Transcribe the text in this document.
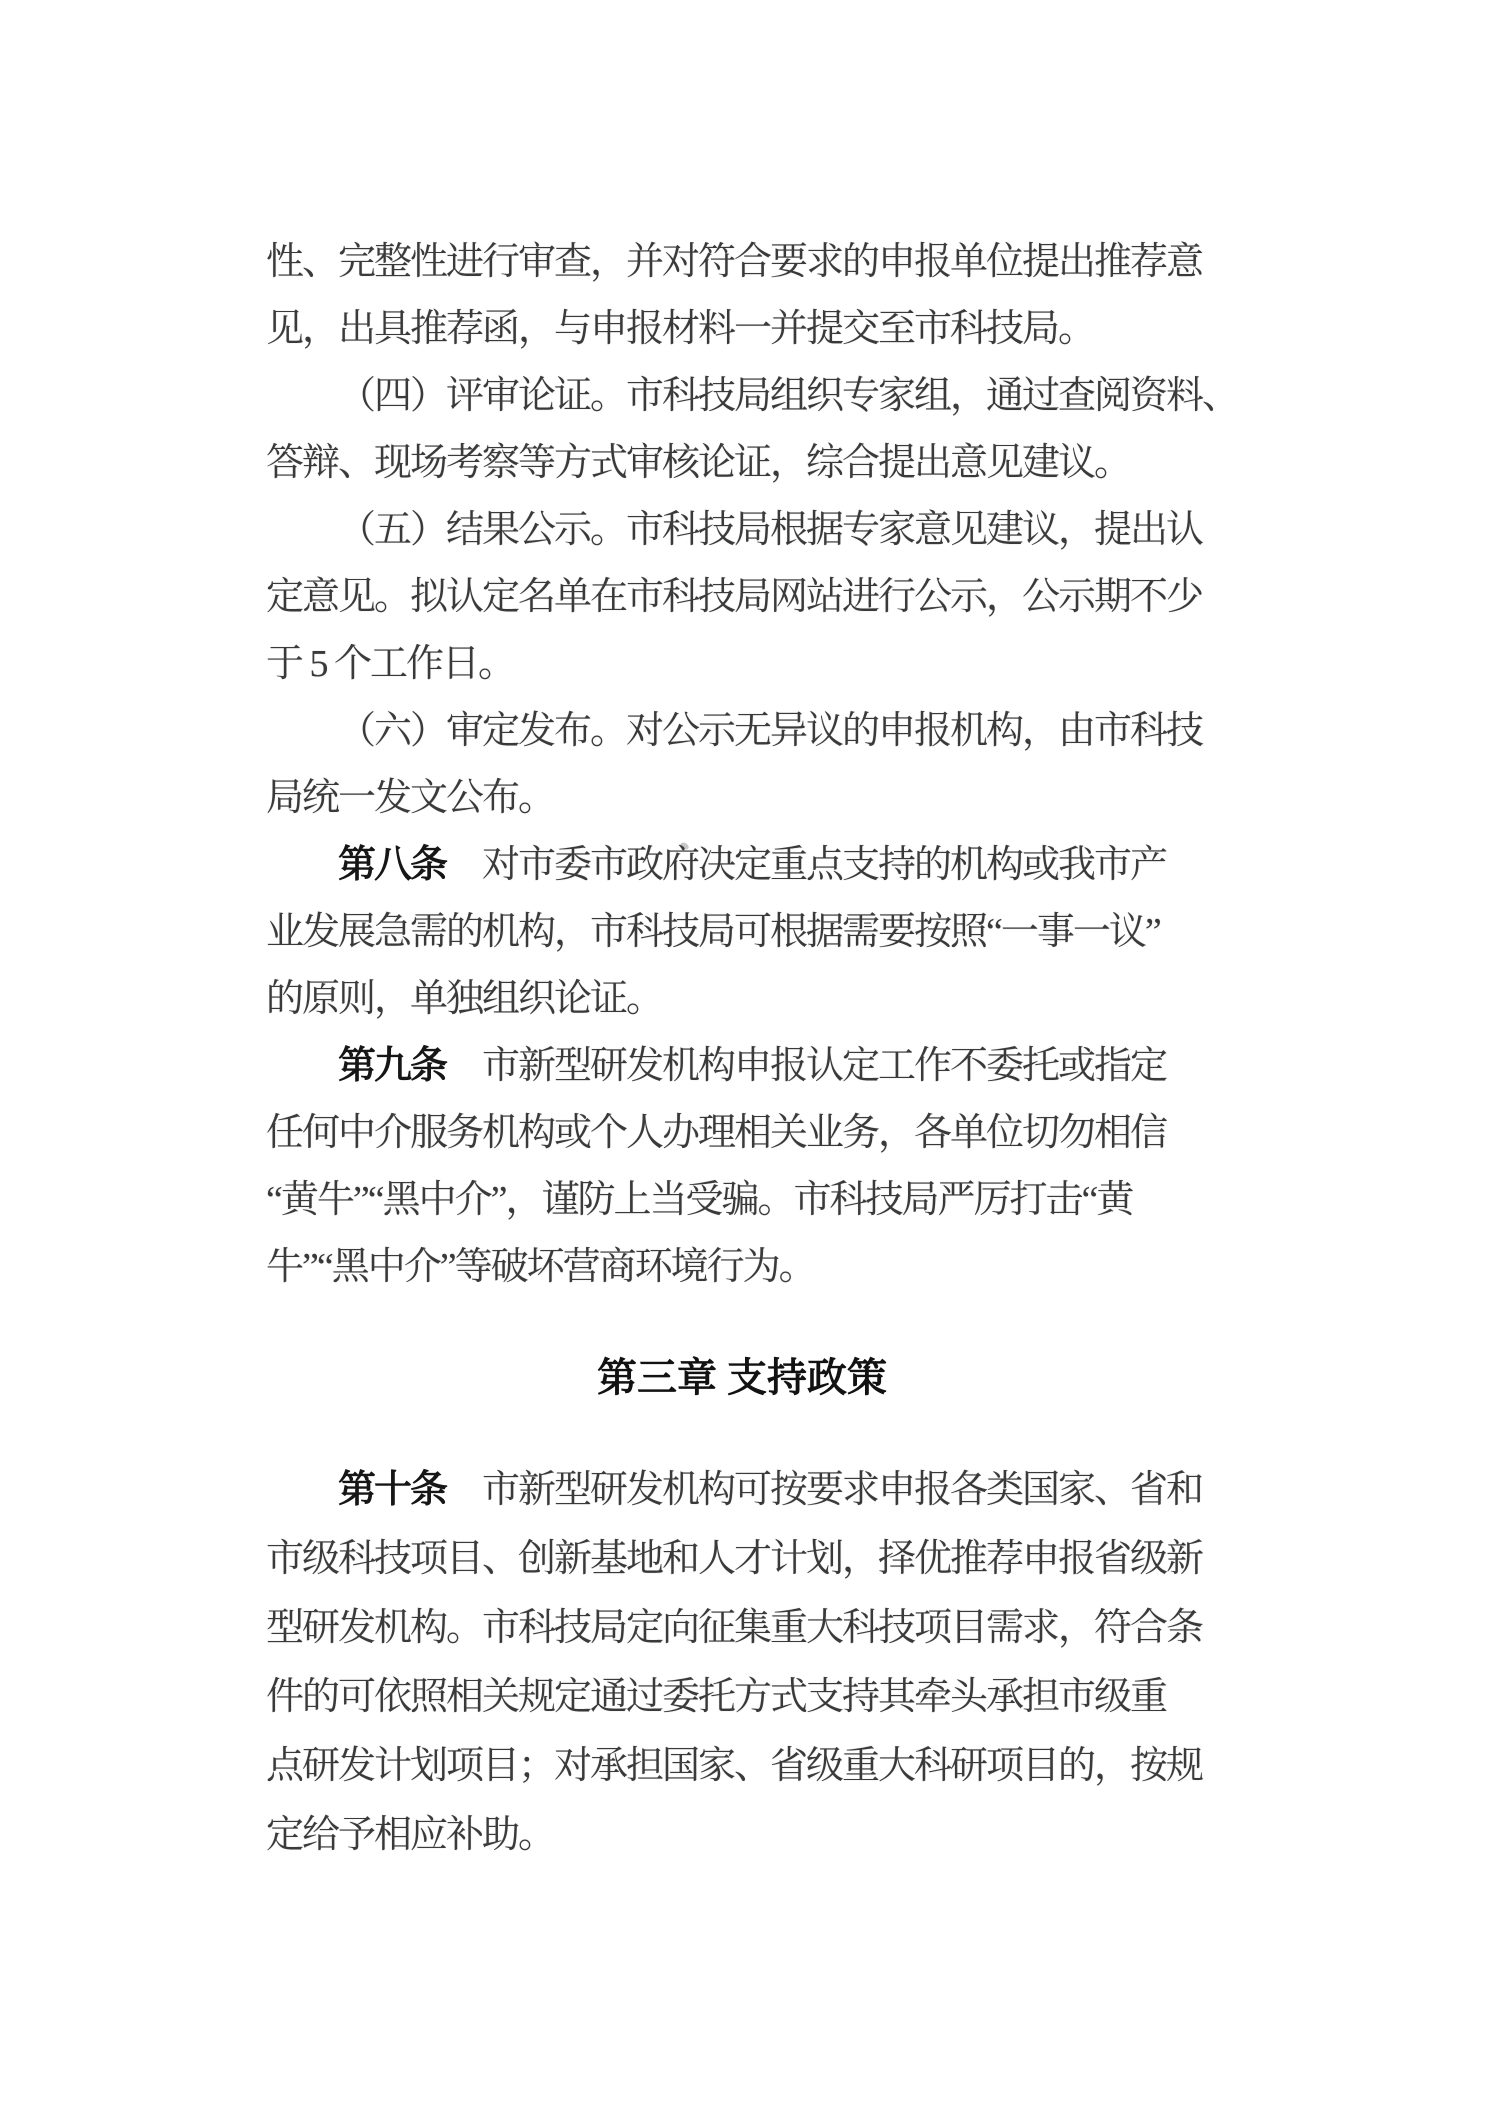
性、完整性进行审查，并对符合要求的申报单位提出推荐意
见，出具推荐函，与申报材料一并提交至市科技局。
（四）评审论证。市科技局组织专家组，通过查阅资料、
答辩、现场考察等方式审核论证，综合提出意见建议。
（五）结果公示。市科技局根据专家意见建议，提出认
定意见。拟认定名单在市科技局网站进行公示，公示期不少
于 5 个工作日。
（六）审定发布。对公示无异议的申报机构，由市科技
局统一发文公布。
第八条　对市委市政府决定重点支持的机构或我市产
业发展急需的机构，市科技局可根据需要按照“一事一议”
的原则，单独组织论证。
第九条　市新型研发机构申报认定工作不委托或指定
任何中介服务机构或个人办理相关业务，各单位切勿相信
“黄牛”“黑中介”，谨防上当受骗。市科技局严厉打击“黄
牛”“黑中介”等破坏营商环境行为。
第三章 支持政策
第十条　市新型研发机构可按要求申报各类国家、省和
市级科技项目、创新基地和人才计划，择优推荐申报省级新
型研发机构。市科技局定向征集重大科技项目需求，符合条
件的可依照相关规定通过委托方式支持其牵头承担市级重
点研发计划项目；对承担国家、省级重大科研项目的，按规
定给予相应补助。
